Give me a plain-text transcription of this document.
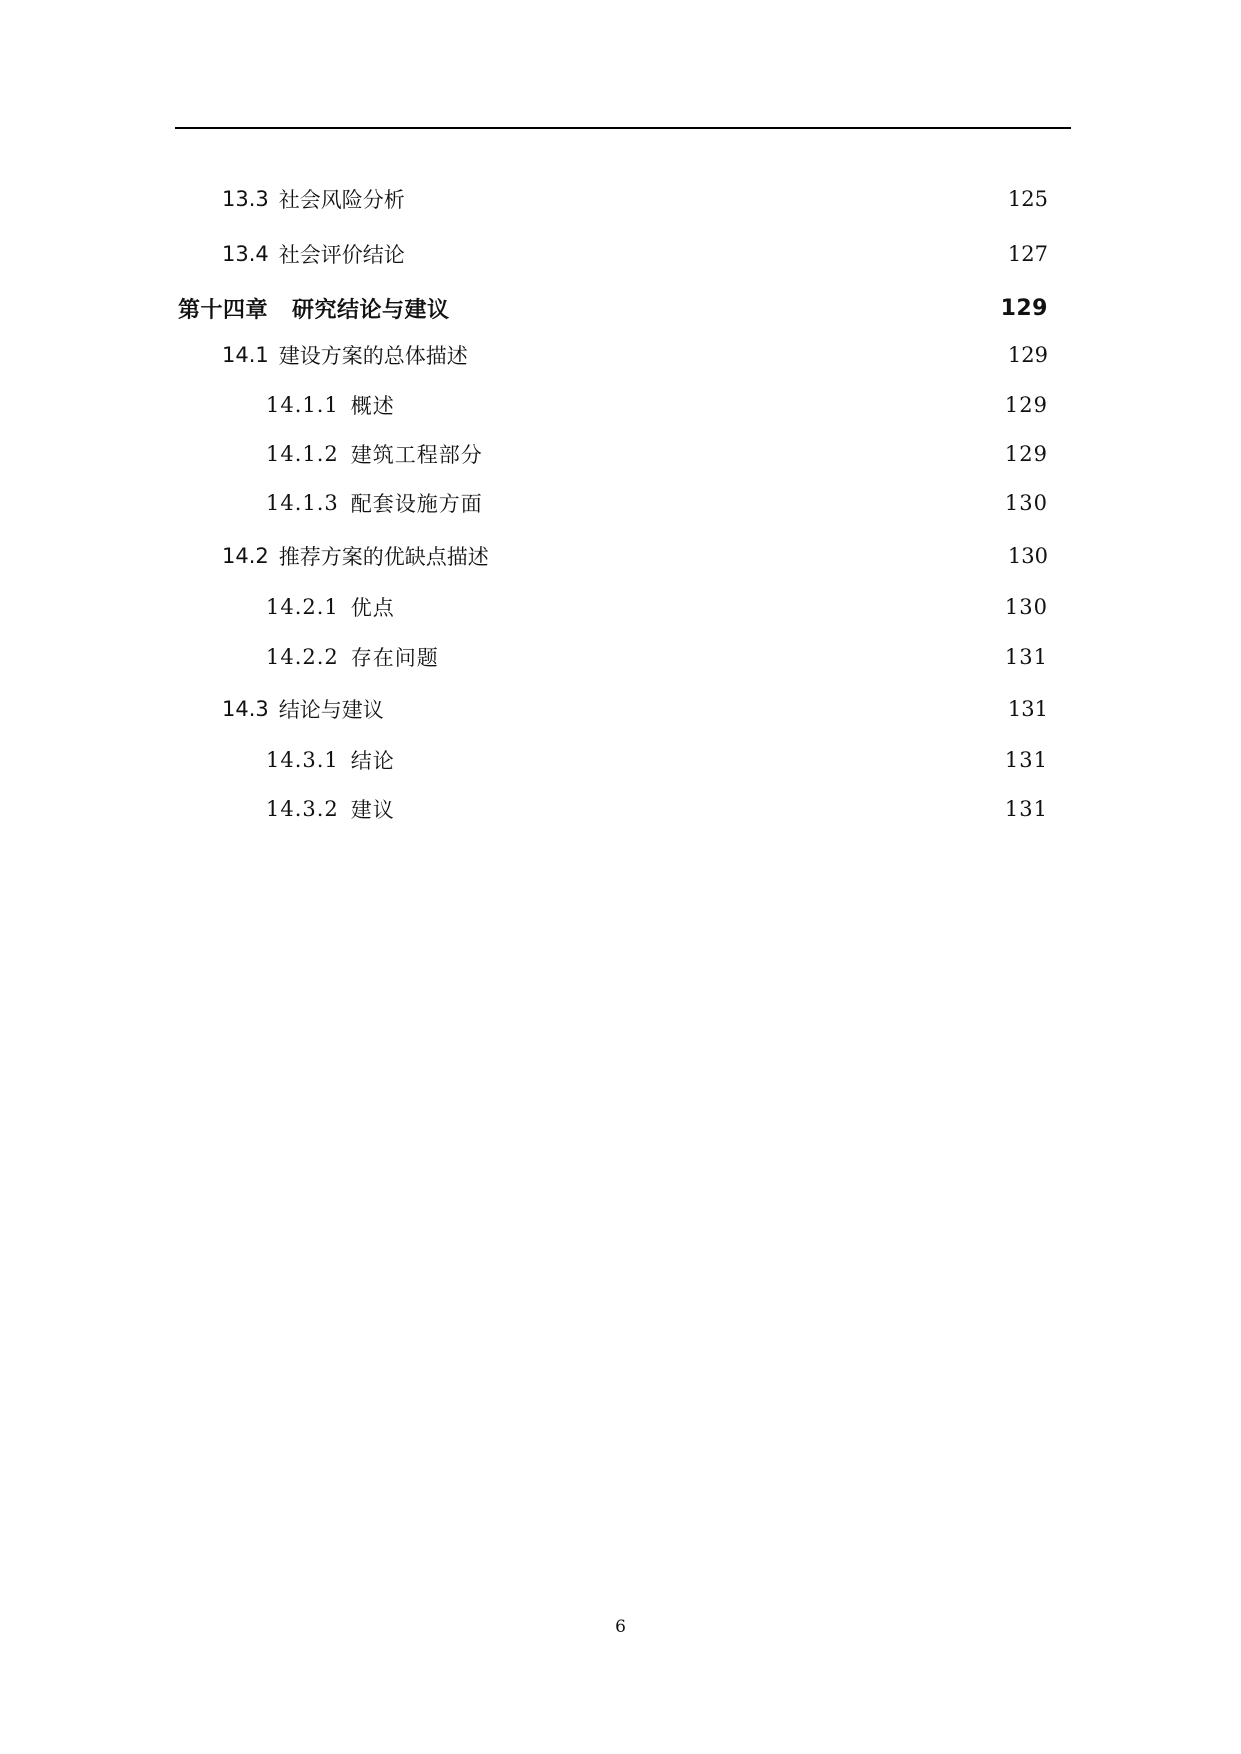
13.3 社会风险分析	125
13.4 社会评价结论	127
第十四章 研究结论与建议	129
14.1 建设方案的总体描述	129
14.1.1 概述	129
14.1.2 建筑工程部分	129
14.1.3 配套设施方面	130
14.2 推荐方案的优缺点描述	130
14.2.1 优点	130
14.2.2 存在问题	131
14.3 结论与建议	131
14.3.1 结论	131
14.3.2 建议	131
6
